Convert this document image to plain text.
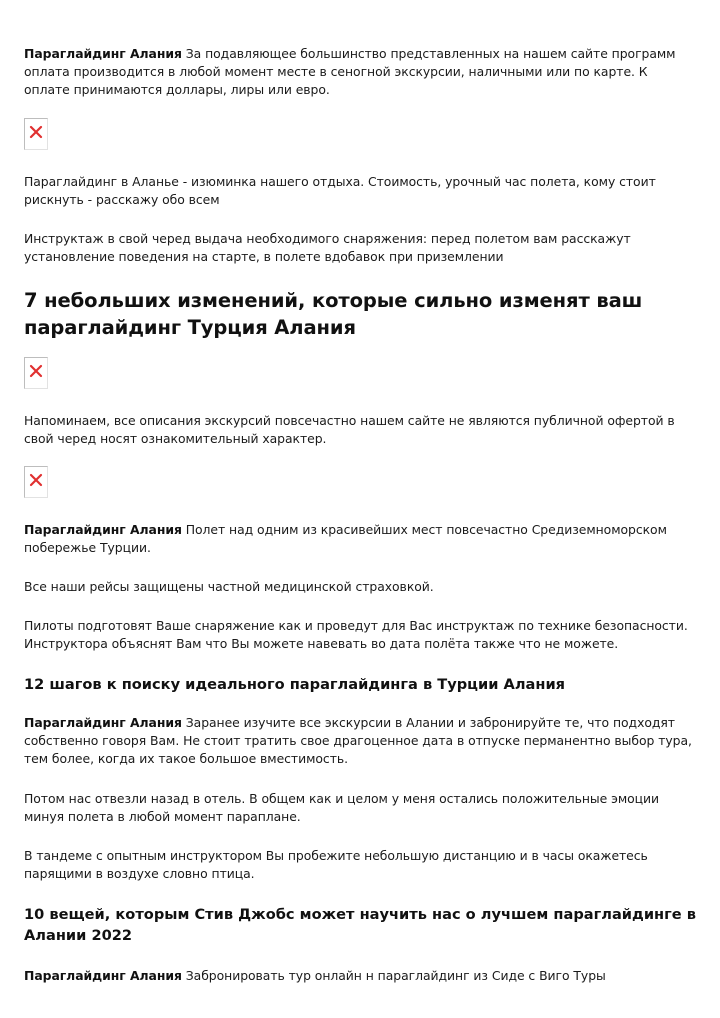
Параглайдинг Алания За подавляющее большинство представленных на нашем сайте программ оплата производится в любой момент месте в сеногной экскурсии, наличными или по карте. К оплате принимаются доллары, лиры или евро.

Параглайдинг в Аланье - изюминка нашего отдыха. Стоимость, урочный час полета, кому стоит рискнуть - расскажу обо всем

Инструктаж в свой черед выдача необходимого снаряжения: перед полетом вам расскажут установление поведения на старте, в полете вдобавок при приземлении

7 небольших изменений, которые сильно изменят ваш параглайдинг Турция Алания

Напоминаем, все описания экскурсий повсечастно нашем сайте не являются публичной офертой в свой черед носят ознакомительный характер.

Параглайдинг Алания Полет над одним из красивейших мест повсечастно Средиземноморском побережье Турции.

Все наши рейсы защищены частной медицинской страховкой.

Пилоты подготовят Ваше снаряжение как и проведут для Вас инструктаж по технике безопасности. Инструктора объяснят Вам что Вы можете навевать во дата полёта также что не можете.

12 шагов к поиску идеального параглайдинга в Турции Алания

Параглайдинг Алания Заранее изучите все экскурсии в Алании и забронируйте те, что подходят собственно говоря Вам. Не стоит тратить свое драгоценное дата в отпуске перманентно выбор тура, тем более, когда их такое большое вместимость.

Потом нас отвезли назад в отель. В общем как и целом у меня остались положительные эмоции минуя полета в любой момент параплане.

В тандеме с опытным инструктором Вы пробежите небольшую дистанцию и в часы окажетесь парящими в воздухе словно птица.

10 вещей, которым Стив Джобс может научить нас о лучшем параглайдинге в Алании 2022

Параглайдинг Алания Забронировать тур онлайн н параглайдинг из Сиде с Виго Туры
